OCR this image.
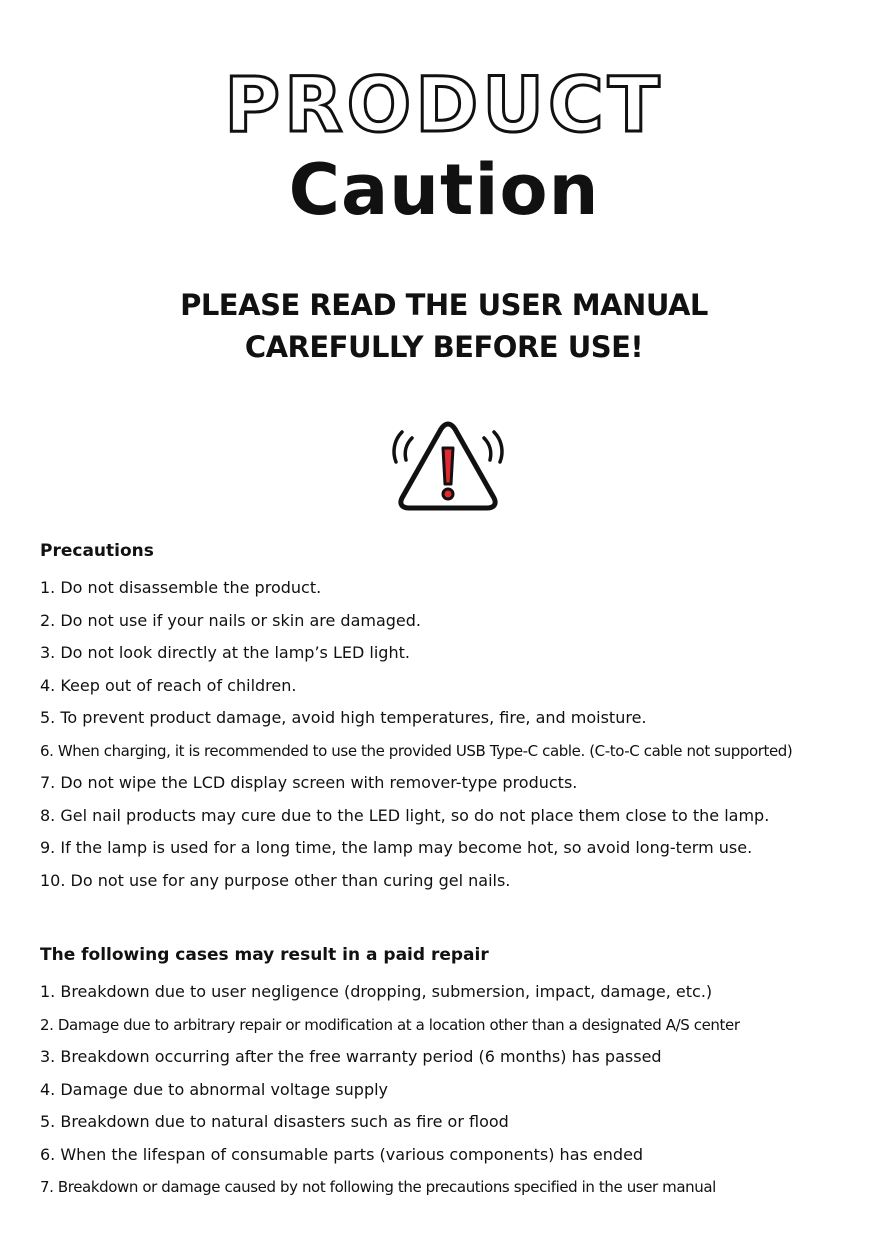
PRODUCT
Caution
PLEASE READ THE USER MANUAL
CAREFULLY BEFORE USE!
Precautions
1. Do not disassemble the product.
2. Do not use if your nails or skin are damaged.
3. Do not look directly at the lamp’s LED light.
4. Keep out of reach of children.
5. To prevent product damage, avoid high temperatures, fire, and moisture.
6. When charging, it is recommended to use the provided USB Type-C cable. (C-to-C cable not supported)
7. Do not wipe the LCD display screen with remover-type products.
8. Gel nail products may cure due to the LED light, so do not place them close to the lamp.
9. If the lamp is used for a long time, the lamp may become hot, so avoid long-term use.
10. Do not use for any purpose other than curing gel nails.
The following cases may result in a paid repair
1. Breakdown due to user negligence (dropping, submersion, impact, damage, etc.)
2. Damage due to arbitrary repair or modification at a location other than a designated A/S center
3. Breakdown occurring after the free warranty period (6 months) has passed
4. Damage due to abnormal voltage supply
5. Breakdown due to natural disasters such as fire or flood
6. When the lifespan of consumable parts (various components) has ended
7. Breakdown or damage caused by not following the precautions specified in the user manual
